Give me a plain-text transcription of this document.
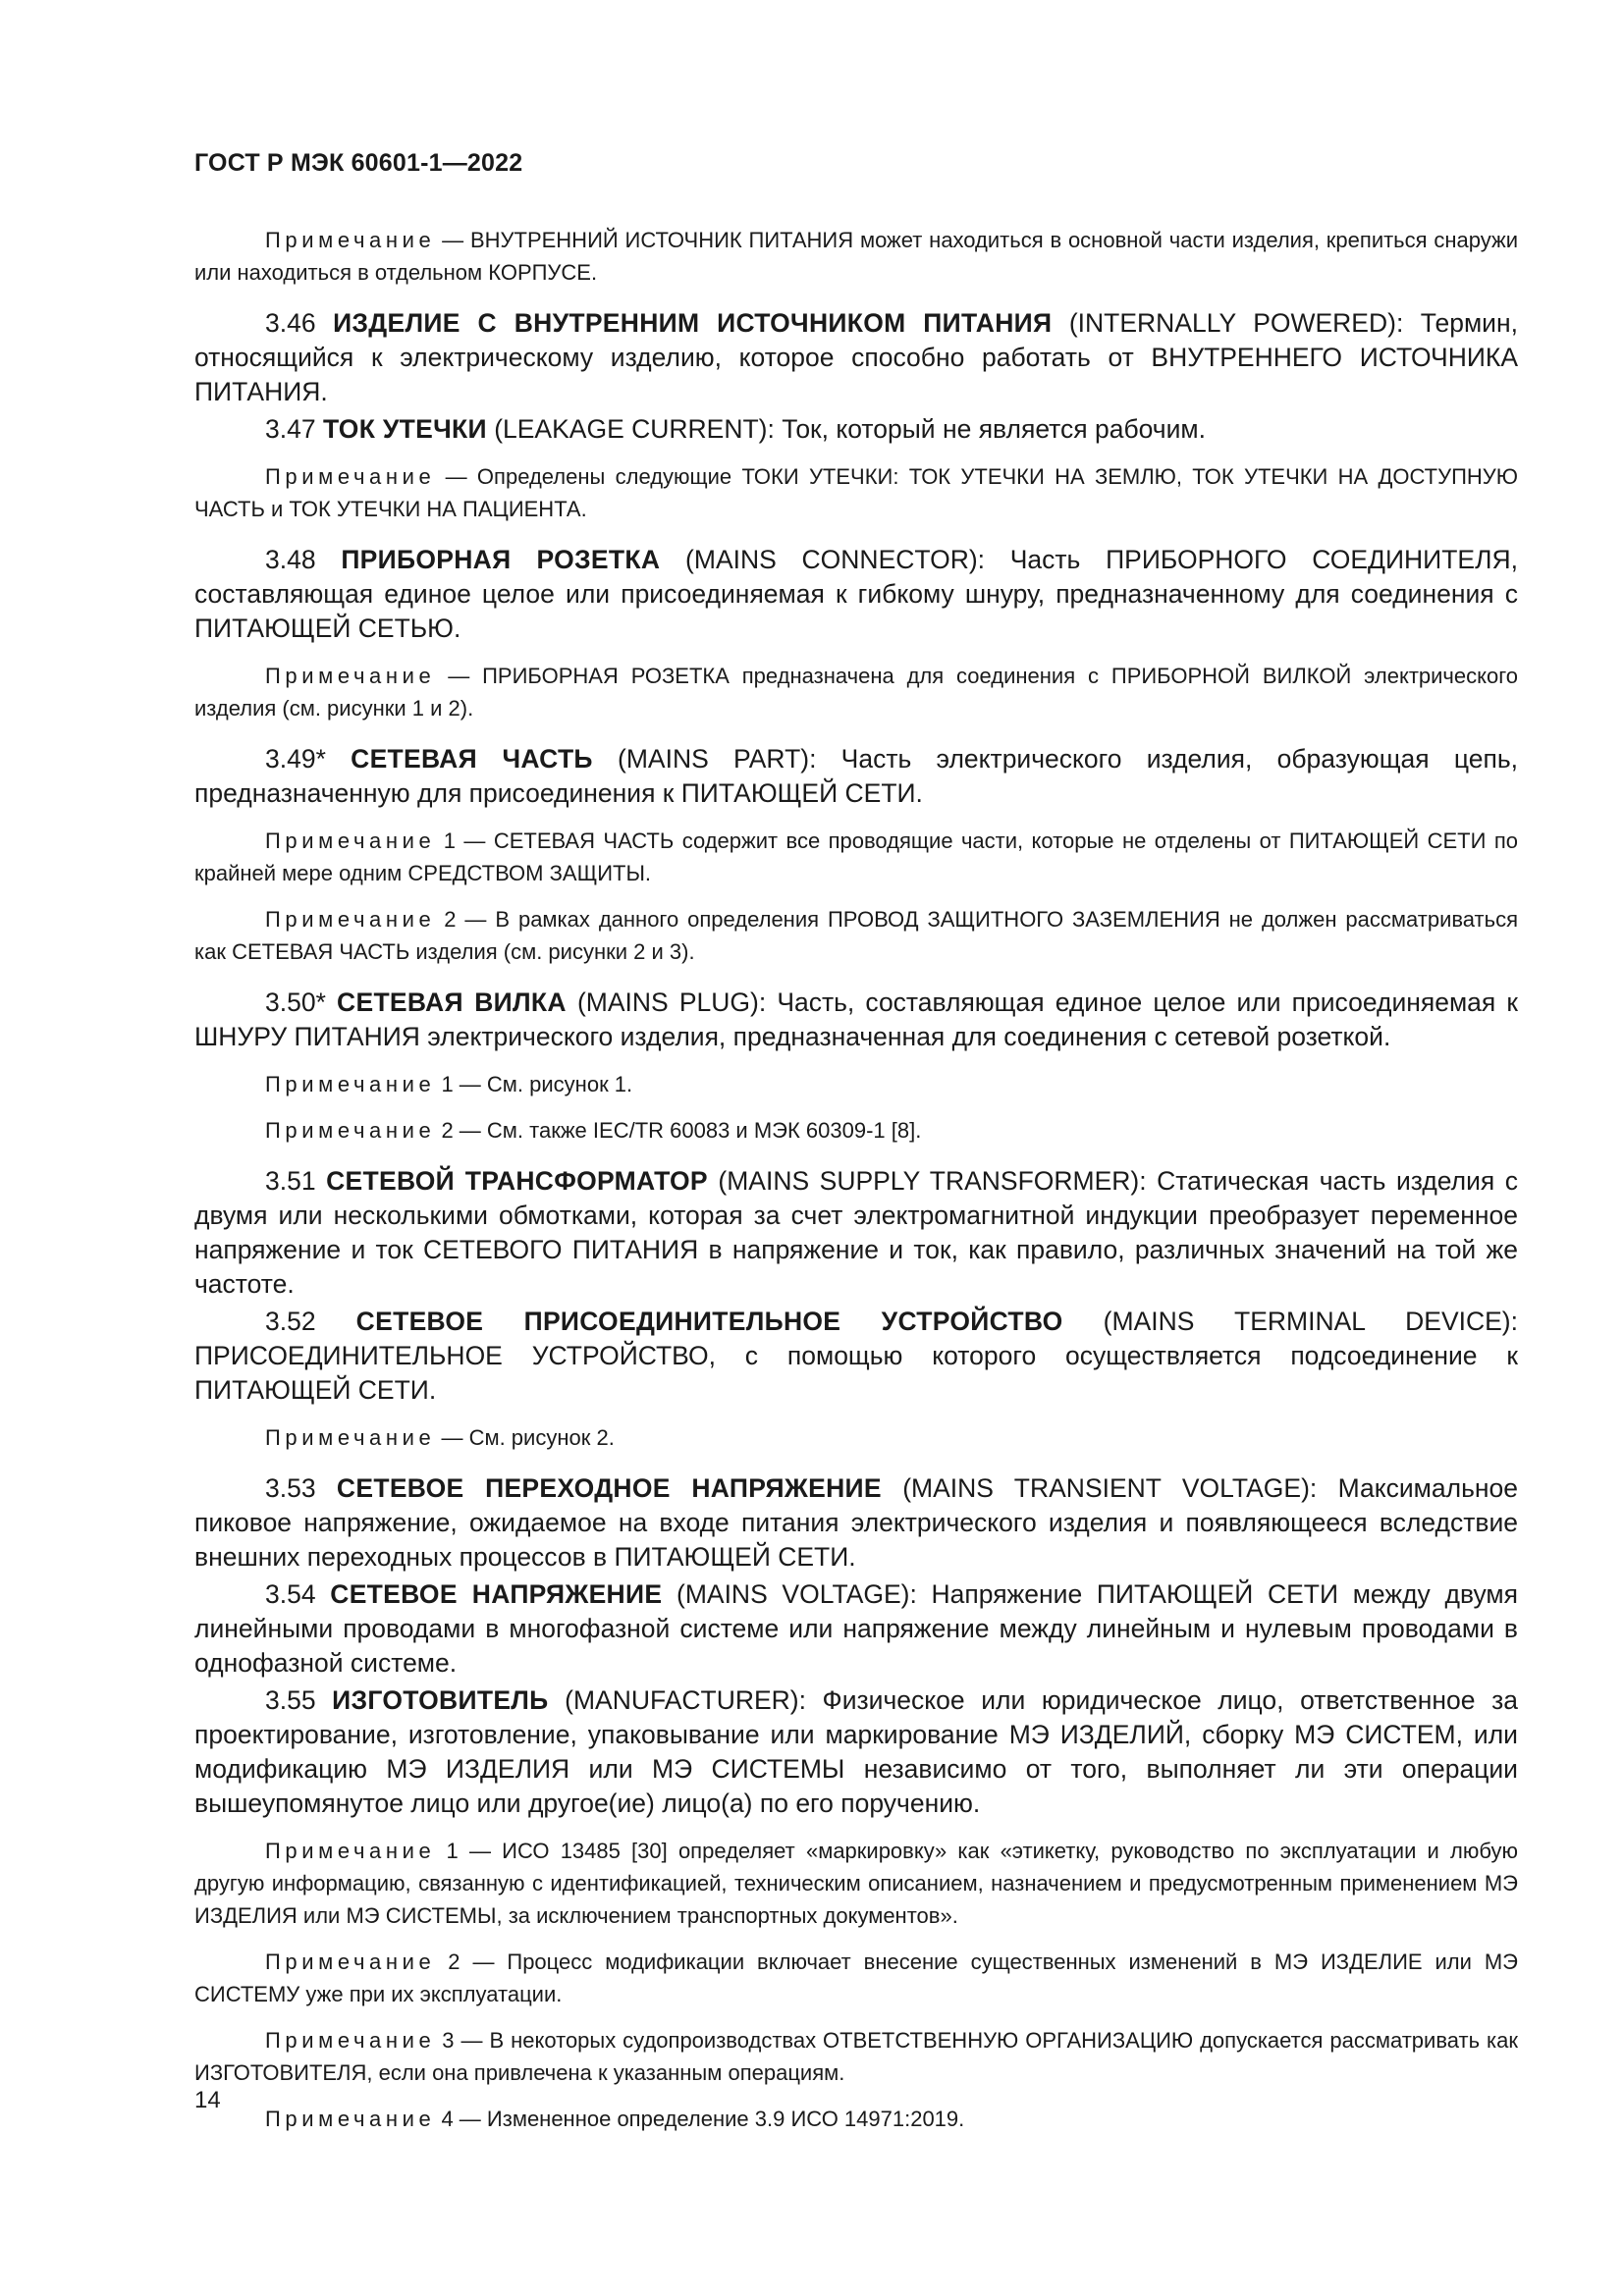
ГОСТ Р МЭК 60601-1—2022

Примечание — ВНУТРЕННИЙ ИСТОЧНИК ПИТАНИЯ может находиться в основной части изделия, крепиться снаружи или находиться в отдельном КОРПУСЕ.

3.46 ИЗДЕЛИЕ С ВНУТРЕННИМ ИСТОЧНИКОМ ПИТАНИЯ (INTERNALLY POWERED): Термин, относящийся к электрическому изделию, которое способно работать от ВНУТРЕННЕГО ИСТОЧНИКА ПИТАНИЯ.

3.47 ТОК УТЕЧКИ (LEAKAGE CURRENT): Ток, который не является рабочим.

Примечание — Определены следующие ТОКИ УТЕЧКИ: ТОК УТЕЧКИ НА ЗЕМЛЮ, ТОК УТЕЧКИ НА ДОСТУПНУЮ ЧАСТЬ и ТОК УТЕЧКИ НА ПАЦИЕНТА.

3.48 ПРИБОРНАЯ РОЗЕТКА (MAINS CONNECTOR): Часть ПРИБОРНОГО СОЕДИНИТЕЛЯ, составляющая единое целое или присоединяемая к гибкому шнуру, предназначенному для соединения с ПИТАЮЩЕЙ СЕТЬЮ.

Примечание — ПРИБОРНАЯ РОЗЕТКА предназначена для соединения с ПРИБОРНОЙ ВИЛКОЙ электрического изделия (см. рисунки 1 и 2).

3.49* СЕТЕВАЯ ЧАСТЬ (MAINS PART): Часть электрического изделия, образующая цепь, предназначенную для присоединения к ПИТАЮЩЕЙ СЕТИ.

Примечание 1 — СЕТЕВАЯ ЧАСТЬ содержит все проводящие части, которые не отделены от ПИТАЮЩЕЙ СЕТИ по крайней мере одним СРЕДСТВОМ ЗАЩИТЫ.

Примечание 2 — В рамках данного определения ПРОВОД ЗАЩИТНОГО ЗАЗЕМЛЕНИЯ не должен рассматриваться как СЕТЕВАЯ ЧАСТЬ изделия (см. рисунки 2 и 3).

3.50* СЕТЕВАЯ ВИЛКА (MAINS PLUG): Часть, составляющая единое целое или присоединяемая к ШНУРУ ПИТАНИЯ электрического изделия, предназначенная для соединения с сетевой розеткой.

Примечание 1 — См. рисунок 1.

Примечание 2 — См. также IEC/TR 60083 и МЭК 60309-1 [8].

3.51 СЕТЕВОЙ ТРАНСФОРМАТОР (MAINS SUPPLY TRANSFORMER): Статическая часть изделия с двумя или несколькими обмотками, которая за счет электромагнитной индукции преобразует переменное напряжение и ток СЕТЕВОГО ПИТАНИЯ в напряжение и ток, как правило, различных значений на той же частоте.

3.52 СЕТЕВОЕ ПРИСОЕДИНИТЕЛЬНОЕ УСТРОЙСТВО (MAINS TERMINAL DEVICE): ПРИСОЕДИНИТЕЛЬНОЕ УСТРОЙСТВО, с помощью которого осуществляется подсоединение к ПИТАЮЩЕЙ СЕТИ.

Примечание — См. рисунок 2.

3.53 СЕТЕВОЕ ПЕРЕХОДНОЕ НАПРЯЖЕНИЕ (MAINS TRANSIENT VOLTAGE): Максимальное пиковое напряжение, ожидаемое на входе питания электрического изделия и появляющееся вследствие внешних переходных процессов в ПИТАЮЩЕЙ СЕТИ.

3.54 СЕТЕВОЕ НАПРЯЖЕНИЕ (MAINS VOLTAGE): Напряжение ПИТАЮЩЕЙ СЕТИ между двумя линейными проводами в многофазной системе или напряжение между линейным и нулевым проводами в однофазной системе.

3.55 ИЗГОТОВИТЕЛЬ (MANUFACTURER): Физическое или юридическое лицо, ответственное за проектирование, изготовление, упаковывание или маркирование МЭ ИЗДЕЛИЙ, сборку МЭ СИСТЕМ, или модификацию МЭ ИЗДЕЛИЯ или МЭ СИСТЕМЫ независимо от того, выполняет ли эти операции вышеупомянутое лицо или другое(ие) лицо(а) по его поручению.

Примечание 1 — ИСО 13485 [30] определяет «маркировку» как «этикетку, руководство по эксплуатации и любую другую информацию, связанную с идентификацией, техническим описанием, назначением и предусмотренным применением МЭ ИЗДЕЛИЯ или МЭ СИСТЕМЫ, за исключением транспортных документов».

Примечание 2 — Процесс модификации включает внесение существенных изменений в МЭ ИЗДЕЛИЕ или МЭ СИСТЕМУ уже при их эксплуатации.

Примечание 3 — В некоторых судопроизводствах ОТВЕТСТВЕННУЮ ОРГАНИЗАЦИЮ допускается рассматривать как ИЗГОТОВИТЕЛЯ, если она привлечена к указанным операциям.

Примечание 4 — Измененное определение 3.9 ИСО 14971:2019.

14
